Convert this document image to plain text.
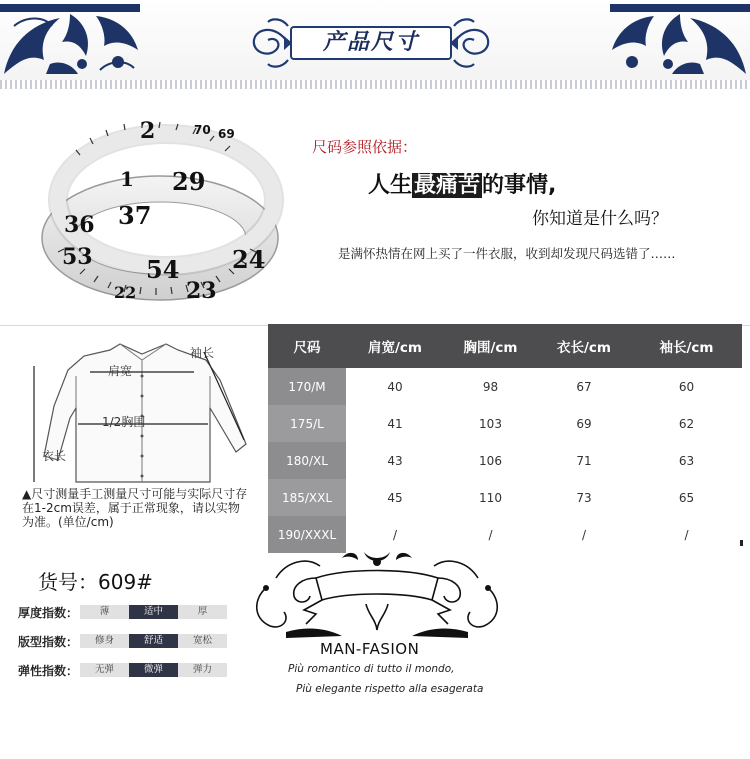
产品尺寸
2
29
36 37
53 54 24
23
22
1
70 69
尺码参照依据：
人生最痛苦的事情,
你知道是什么吗？
是满怀热情在网上买了一件衣服，收到却发现尺码选错了……
袖长
肩宽
1/2胸围
衣长
▲尺寸测量手工测量尺寸可能与实际尺寸存在1-2cm误差，属于正常现象，请以实物为准。(单位/cm)
尺码	肩宽/cm	胸围/cm	衣长/cm	袖长/cm
170/M	40	98	67	60
175/L	41	103	69	62
180/XL	43	106	71	63
185/XXL	45	110	73	65
190/XXXL	/	/	/	/
货号：609#
厚度指数：	薄	适中	厚
版型指数：	修身	舒适	宽松
弹性指数：	无弹	微弹	弹力
MAN-FASION
Più romantico di tutto il mondo,
Più elegante rispetto alla esagerata
